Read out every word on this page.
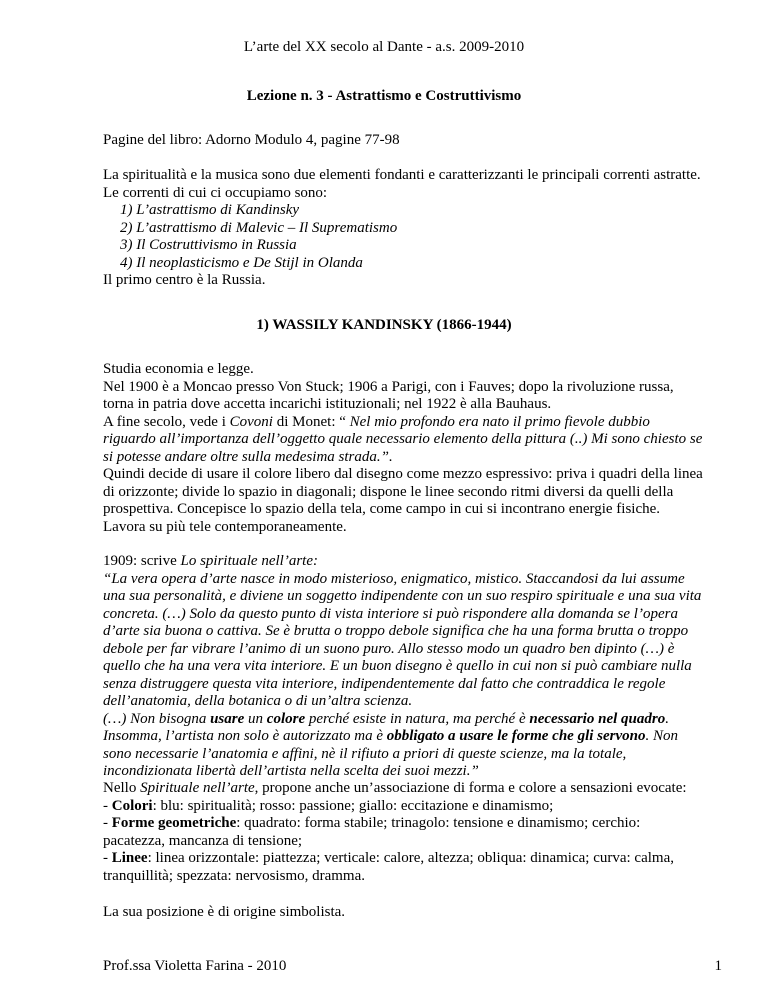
L’arte del XX secolo al Dante - a.s. 2009-2010
Lezione n. 3 - Astrattismo e Costruttivismo
Pagine del libro: Adorno Modulo 4, pagine 77-98
La spiritualità e la musica sono due elementi fondanti e caratterizzanti le principali correnti astratte.
Le correnti di cui ci occupiamo sono:
1) L’astrattismo di Kandinsky
2) L’astrattismo di Malevic – Il Suprematismo
3) Il Costruttivismo in Russia
4) Il neoplasticismo e De Stijl in Olanda
Il primo centro è la Russia.
1) WASSILY KANDINSKY (1866-1944)
Studia economia e legge.
Nel 1900 è a Moncao presso Von Stuck; 1906 a Parigi, con i Fauves; dopo la rivoluzione russa,
torna in patria dove accetta incarichi istituzionali; nel 1922 è alla Bauhaus.
A fine secolo, vede i Covoni di Monet: “ Nel mio profondo era nato il primo fievole dubbio
riguardo all’importanza dell’oggetto quale necessario elemento della pittura (..) Mi sono chiesto se
si potesse andare oltre sulla medesima strada.”.
Quindi decide di usare il colore libero dal disegno come mezzo espressivo: priva i quadri della linea
di orizzonte; divide lo spazio in diagonali; dispone le linee secondo ritmi diversi da quelli della
prospettiva. Concepisce lo spazio della tela, come campo in cui si incontrano energie fisiche.
Lavora su più tele contemporaneamente.
1909: scrive Lo spirituale nell’arte:
“La vera opera d’arte nasce in modo misterioso, enigmatico, mistico. Staccandosi da lui assume
una sua personalità, e diviene un soggetto indipendente con un suo respiro spirituale e una sua vita
concreta. (…) Solo da questo punto di vista interiore si può rispondere alla domanda se l’opera
d’arte sia buona o cattiva. Se è brutta o troppo debole significa che ha una forma brutta o troppo
debole per far vibrare l’animo di un suono puro. Allo stesso modo un quadro ben dipinto (…) è
quello che ha una vera vita interiore. E un buon disegno è quello in cui non si può cambiare nulla
senza distruggere questa vita interiore, indipendentemente dal fatto che contraddica le regole
dell’anatomia, della botanica o di un’altra scienza.
(…) Non bisogna usare un colore perché esiste in natura, ma perché è necessario nel quadro.
Insomma, l’artista non solo è autorizzato ma è obbligato a usare le forme che gli servono. Non
sono necessarie l’anatomia e affini, nè il rifiuto a priori di queste scienze, ma la totale,
incondizionata libertà dell’artista nella scelta dei suoi mezzi.”
Nello Spirituale nell’arte, propone anche un’associazione di forma e colore a sensazioni evocate:
- Colori: blu: spiritualità; rosso: passione; giallo: eccitazione e dinamismo;
- Forme geometriche: quadrato: forma stabile; trinagolo: tensione e dinamismo; cerchio:
pacatezza, mancanza di tensione;
- Linee: linea orizzontale: piattezza; verticale: calore, altezza; obliqua: dinamica; curva: calma,
tranquillità; spezzata: nervosismo, dramma.
La sua posizione è di origine simbolista.
Prof.ssa Violetta Farina - 2010	1
